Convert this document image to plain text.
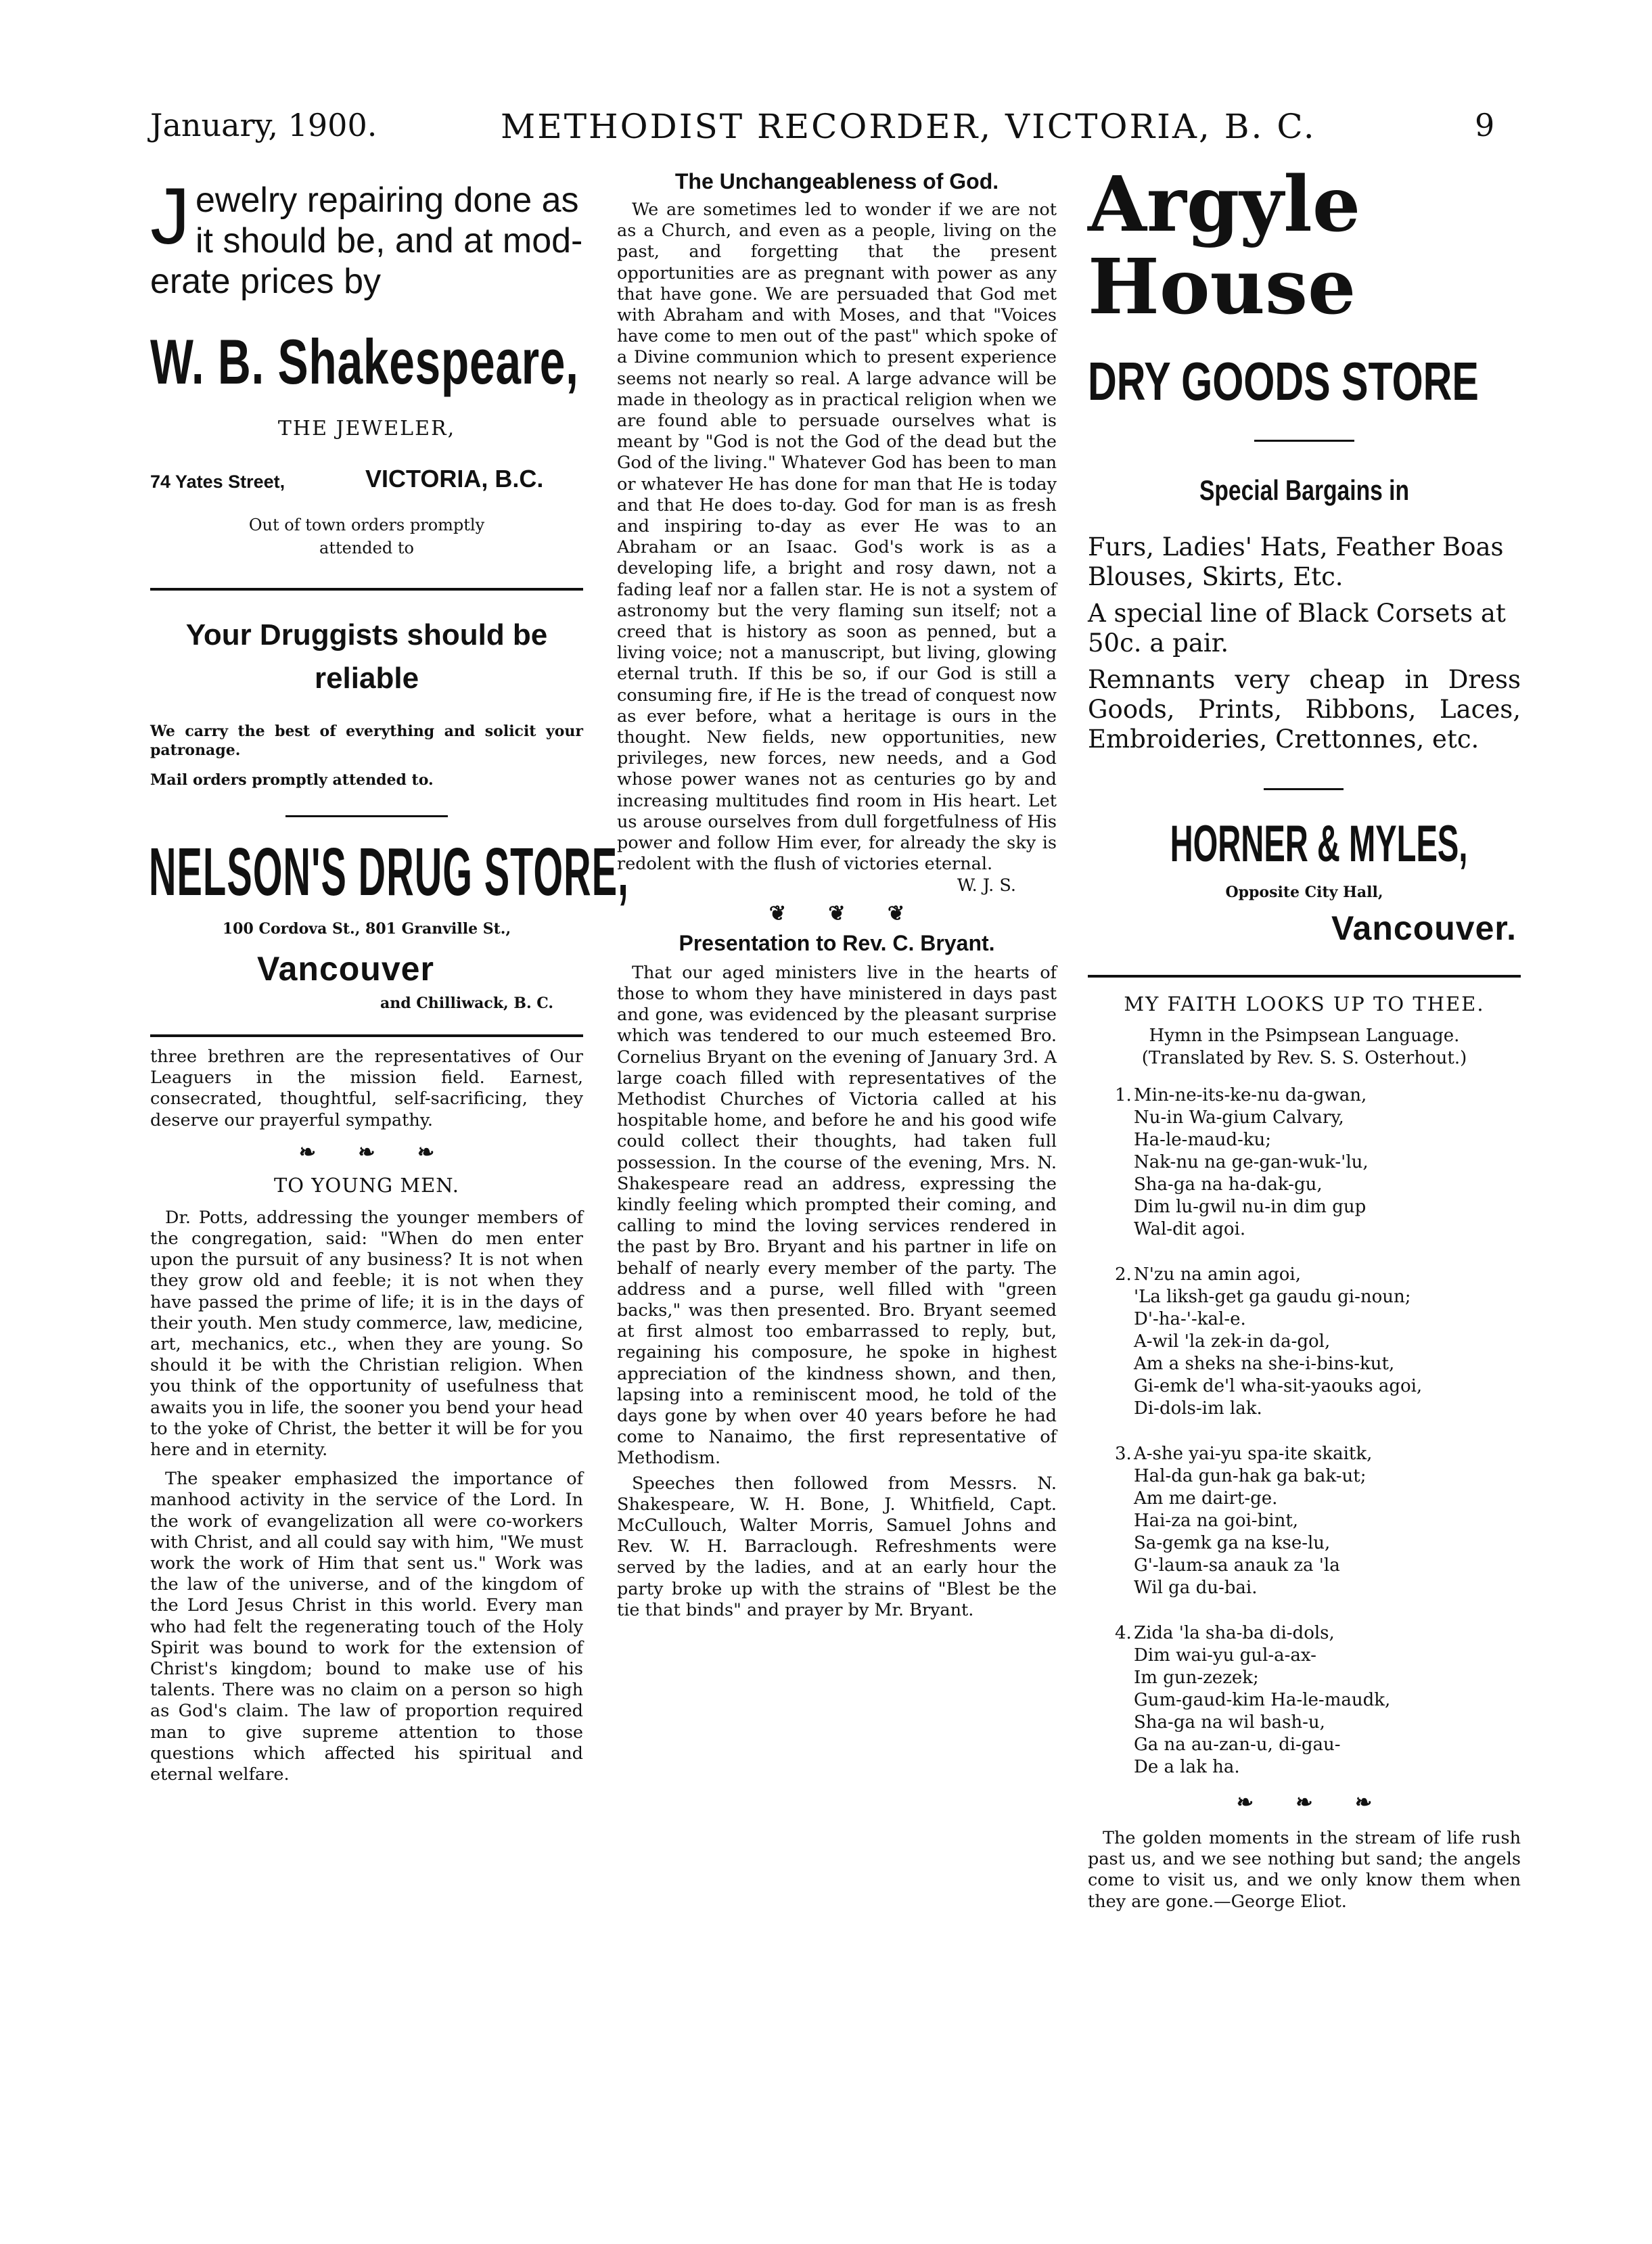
January, 1900.	METHODIST RECORDER, VICTORIA, B. C.	9
J ewelry repairing done as
it should be, and at mod-
erate prices by
W. B. Shakespeare,
THE JEWELER,
74 Yates Street,	VICTORIA, B.C.
Out of town orders promptly
attended to
Your Druggists should be
reliable

We carry the best of everything and solicit your patronage.

Mail orders promptly attended to.

NELSON'S DRUG STORE,
100 Cordova St., 801 Granville St.,
Vancouver
and Chilliwack, B. C.

three brethren are the representatives of Our Leaguers in the mission field. Earnest, consecrated, thoughtful, self-sacrificing, they deserve our prayerful sympathy.

❧ ❧ ❧
TO YOUNG MEN.

Dr. Potts, addressing the younger members of the congregation, said: "When do men enter upon the pursuit of any business? It is not when they grow old and feeble; it is not when they have passed the prime of life; it is in the days of their youth. Men study commerce, law, medicine, art, mechanics, etc., when they are young. So should it be with the Christian religion. When you think of the opportunity of usefulness that awaits you in life, the sooner you bend your head to the yoke of Christ, the better it will be for you here and in eternity.

The speaker emphasized the importance of manhood activity in the service of the Lord. In the work of evangelization all were co-workers with Christ, and all could say with him, "We must work the work of Him that sent us." Work was the law of the universe, and of the kingdom of the Lord Jesus Christ in this world. Every man who had felt the regenerating touch of the Holy Spirit was bound to work for the extension of Christ's kingdom; bound to make use of his talents. There was no claim on a person so high as God's claim. The law of proportion required man to give supreme attention to those questions which affected his spiritual and eternal welfare.

The Unchangeableness of God.

We are sometimes led to wonder if we are not as a Church, and even as a people, living on the past, and forgetting that the present opportunities are as pregnant with power as any that have gone. We are persuaded that God met with Abraham and with Moses, and that "Voices have come to men out of the past" which spoke of a Divine communion which to present experience seems not nearly so real. A large advance will be made in theology as in practical religion when we are found able to persuade ourselves what is meant by "God is not the God of the dead but the God of the living." Whatever God has been to man or whatever He has done for man that He is today and that He does to-day. God for man is as fresh and inspiring to-day as ever He was to an Abraham or an Isaac. God's work is as a developing life, a bright and rosy dawn, not a fading leaf nor a fallen star. He is not a system of astronomy but the very flaming sun itself; not a creed that is history as soon as penned, but a living voice; not a manuscript, but living, glowing eternal truth. If this be so, if our God is still a consuming fire, if He is the tread of conquest now as ever before, what a heritage is ours in the thought. New fields, new opportunities, new privileges, new forces, new needs, and a God whose power wanes not as centuries go by and increasing multitudes find room in His heart. Let us arouse ourselves from dull forgetfulness of His power and follow Him ever, for already the sky is redolent with the flush of victories eternal.

W. J. S.
❦ ❦ ❦
Presentation to Rev. C. Bryant.

That our aged ministers live in the hearts of those to whom they have ministered in days past and gone, was evidenced by the pleasant surprise which was tendered to our much esteemed Bro. Cornelius Bryant on the evening of January 3rd. A large coach filled with representatives of the Methodist Churches of Victoria called at his hospitable home, and before he and his good wife could collect their thoughts, had taken full possession. In the course of the evening, Mrs. N. Shakespeare read an address, expressing the kindly feeling which prompted their coming, and calling to mind the loving services rendered in the past by Bro. Bryant and his partner in life on behalf of nearly every member of the party. The address and a purse, well filled with "green backs," was then presented. Bro. Bryant seemed at first almost too embarrassed to reply, but, regaining his composure, he spoke in highest appreciation of the kindness shown, and then, lapsing into a reminiscent mood, he told of the days gone by when over 40 years before he had come to Nanaimo, the first representative of Methodism.

Speeches then followed from Messrs. N. Shakespeare, W. H. Bone, J. Whitfield, Capt. McCullouch, Walter Morris, Samuel Johns and Rev. W. H. Barraclough. Refreshments were served by the ladies, and at an early hour the party broke up with the strains of "Blest be the tie that binds" and prayer by Mr. Bryant.

Argyle
House
DRY GOODS STORE
Special Bargains in

Furs, Ladies' Hats, Feather Boas Blouses, Skirts, Etc.

A special line of Black Corsets at 50c. a pair.

Remnants very cheap in Dress Goods, Prints, Ribbons, Laces, Embroideries, Crettonnes, etc.

HORNER & MYLES,
Opposite City Hall,
Vancouver.
MY FAITH LOOKS UP TO THEE.
Hymn in the Psimpsean Language.
(Translated by Rev. S. S. Osterhout.)
1. Min-ne-its-ke-nu da-gwan,
Nu-in Wa-gium Calvary,
Ha-le-maud-ku;
Nak-nu na ge-gan-wuk-'lu,
Sha-ga na ha-dak-gu,
Dim lu-gwil nu-in dim gup
Wal-dit agoi.
2. N'zu na amin agoi,
'La liksh-get ga gaudu gi-noun;
D'-ha-'-kal-e.
A-wil 'la zek-in da-gol,
Am a sheks na she-i-bins-kut,
Gi-emk de'l wha-sit-yaouks agoi,
Di-dols-im lak.
3. A-she yai-yu spa-ite skaitk,
Hal-da gun-hak ga bak-ut;
Am me dairt-ge.
Hai-za na goi-bint,
Sa-gemk ga na kse-lu,
G'-laum-sa anauk za 'la
Wil ga du-bai.
4. Zida 'la sha-ba di-dols,
Dim wai-yu gul-a-ax-
Im gun-zezek;
Gum-gaud-kim Ha-le-maudk,
Sha-ga na wil bash-u,
Ga na au-zan-u, di-gau-
De a lak ha.
❧ ❧ ❧

The golden moments in the stream of life rush past us, and we see nothing but sand; the angels come to visit us, and we only know them when they are gone.—George Eliot.
